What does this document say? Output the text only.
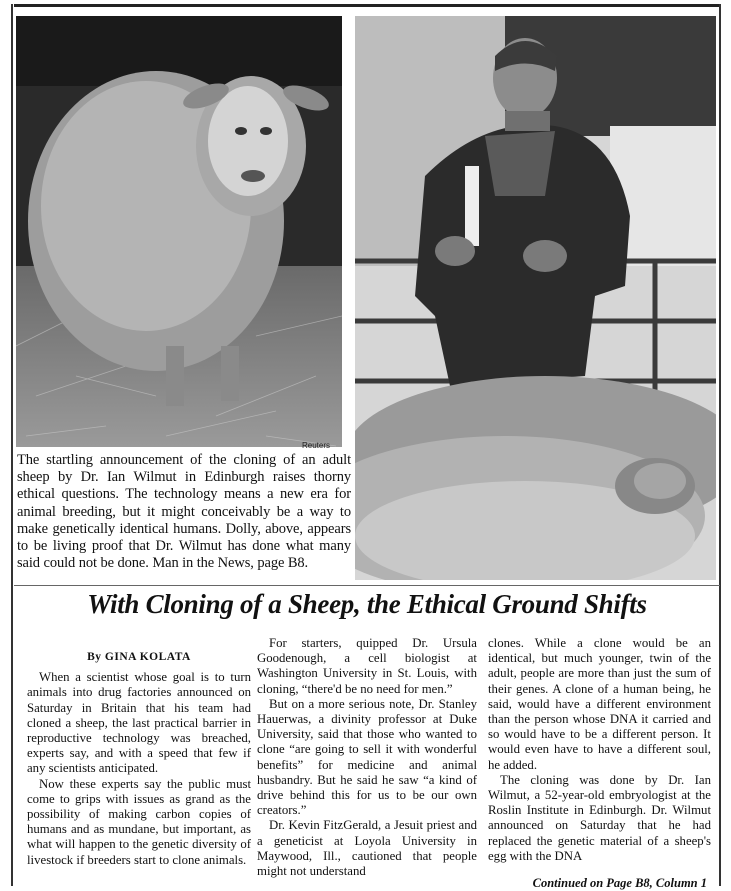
Reuters
The startling announcement of the cloning of an adult sheep by Dr. Ian Wilmut in Edinburgh raises thorny ethical questions. The technology means a new era for animal breeding, but it might conceivably be a way to make genetically identical humans. Dolly, above, appears to be living proof that Dr. Wilmut has done what many said could not be done. Man in the News, page B8.
With Cloning of a Sheep, the Ethical Ground Shifts
By GINA KOLATA

When a scientist whose goal is to turn animals into drug factories announced on Saturday in Britain that his team had cloned a sheep, the last practical barrier in reproductive technology was breached, experts say, and with a speed that few if any scientists anticipated.

Now these experts say the public must come to grips with issues as grand as the possibility of making carbon copies of humans and as mundane, but important, as what will happen to the genetic diversity of livestock if breeders start to clone animals.

For starters, quipped Dr. Ursula Goodenough, a cell biologist at Washington University in St. Louis, with cloning, “there'd be no need for men.”

But on a more serious note, Dr. Stanley Hauerwas, a divinity professor at Duke University, said that those who wanted to clone “are going to sell it with wonderful benefits” for medicine and animal husbandry. But he said he saw “a kind of drive behind this for us to be our own creators.”

Dr. Kevin FitzGerald, a Jesuit priest and a geneticist at Loyola University in Maywood, Ill., cautioned that people might not understand

clones. While a clone would be an identical, but much younger, twin of the adult, people are more than just the sum of their genes. A clone of a human being, he said, would have a different environment than the person whose DNA it carried and so would have to be a different person. It would even have to have a different soul, he added.

The cloning was done by Dr. Ian Wilmut, a 52-year-old embryologist at the Roslin Institute in Edinburgh. Dr. Wilmut announced on Saturday that he had replaced the genetic material of a sheep's egg with the DNA

Continued on Page B8, Column 1
